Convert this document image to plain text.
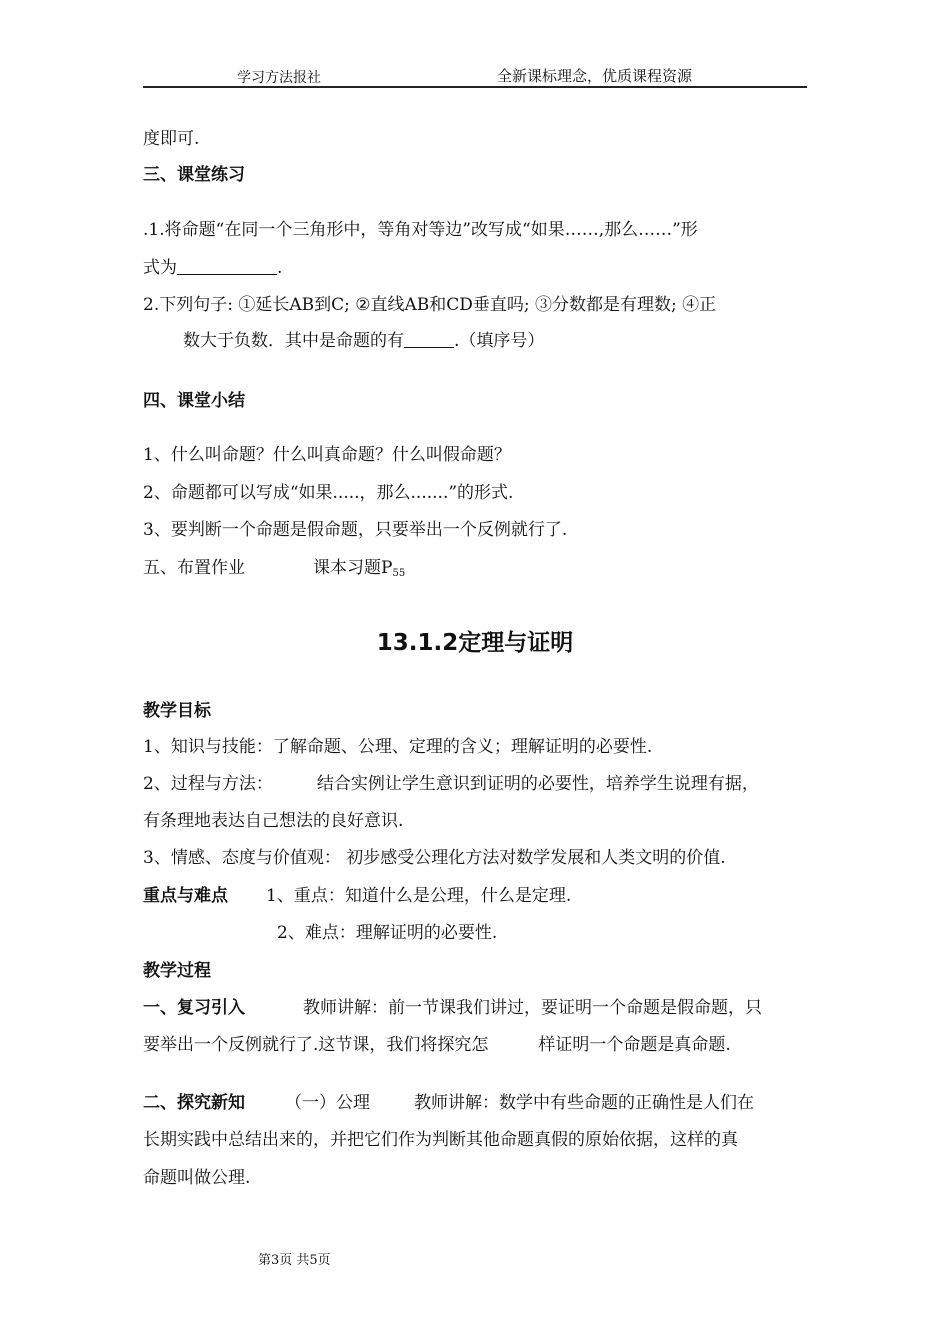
学习方法报社	全新课标理念，优质课程资源
度即可.
三、课堂练习
.1.将命题“在同一个三角形中，等角对等边”改写成“如果……,那么……”形
式为	.
2.下列句子: ①延长AB到C; ②直线AB和CD垂直吗; ③分数都是有理数; ④正
数大于负数．其中是命题的有	.（填序号）
四、课堂小结
1、什么叫命题？什么叫真命题？什么叫假命题？
2、命题都可以写成“如果.....，那么.......”的形式.
3、要判断一个命题是假命题，只要举出一个反例就行了.
五、布置作业	课本习题$P_{55}$
13.1.2定理与证明
教学目标
1、知识与技能：了解命题、公理、定理的含义；理解证明的必要性.
2、过程与方法：	结合实例让学生意识到证明的必要性，培养学生说理有据，
有条理地表达自己想法的良好意识.
3、情感、态度与价值观： 初步感受公理化方法对数学发展和人类文明的价值.
重点与难点 1、重点：知道什么是公理，什么是定理.
2、难点：理解证明的必要性.
教学过程
一、复习引入	教师讲解：前一节课我们讲过，要证明一个命题是假命题，只
要举出一个反例就行了.这节课，我们将探究怎	样证明一个命题是真命题.
二、探究新知 （一）公理	教师讲解：数学中有些命题的正确性是人们在
长期实践中总结出来的，并把它们作为判断其他命题真假的原始依据，这样的真
命题叫做公理.
第3页 共5页
